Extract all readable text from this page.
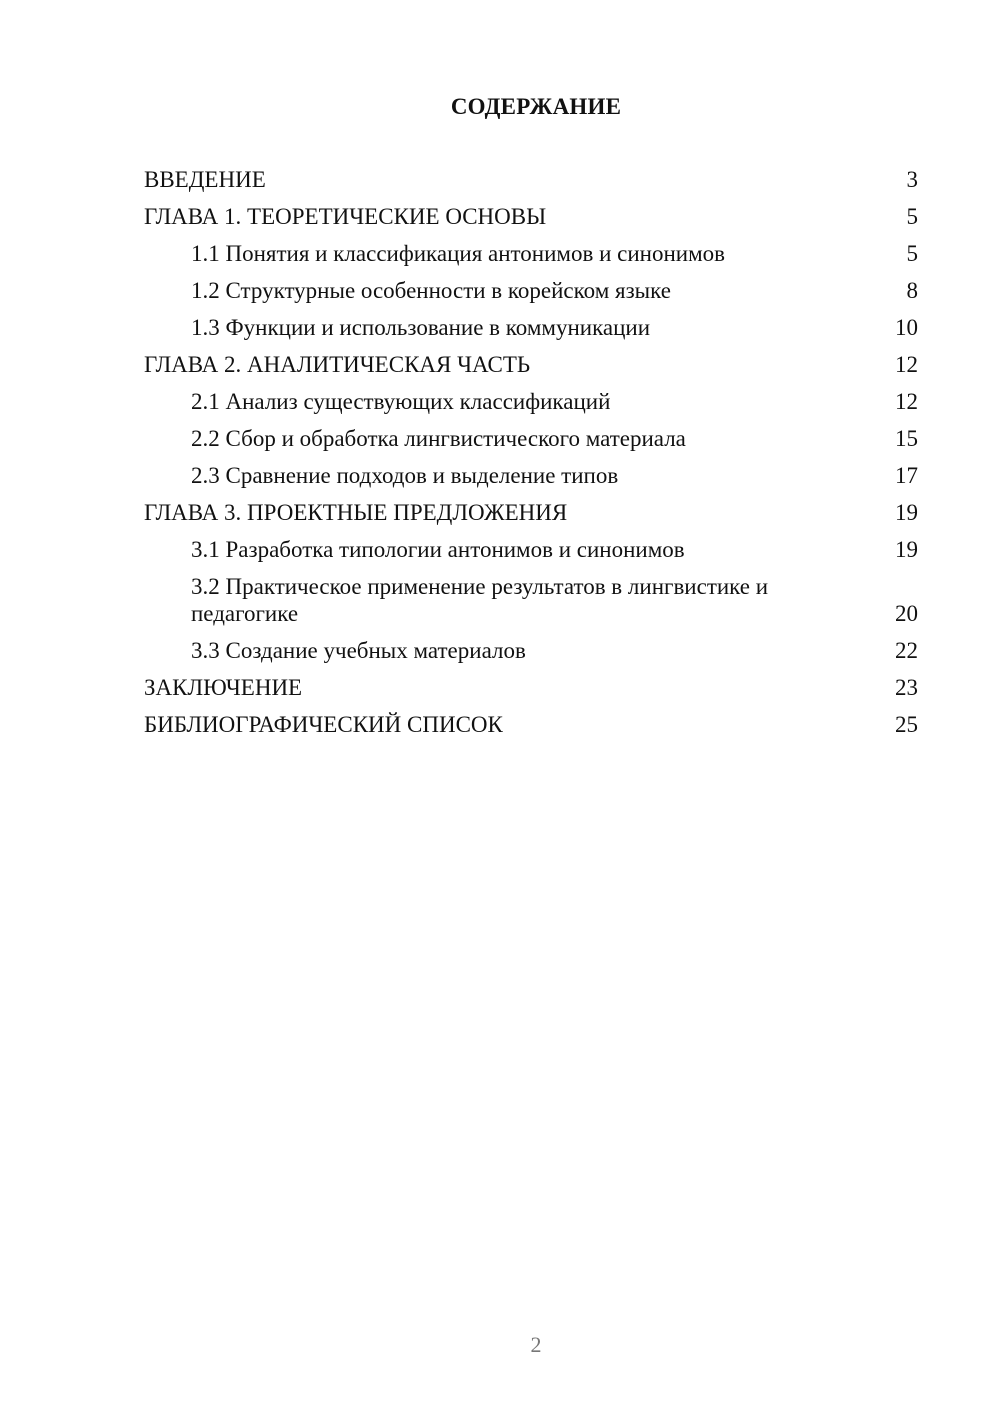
СОДЕРЖАНИЕ
ВВЕДЕНИЕ	3
ГЛАВА 1. ТЕОРЕТИЧЕСКИЕ ОСНОВЫ	5
1.1 Понятия и классификация антонимов и синонимов	5
1.2 Структурные особенности в корейском языке	8
1.3 Функции и использование в коммуникации	10
ГЛАВА 2. АНАЛИТИЧЕСКАЯ ЧАСТЬ	12
2.1 Анализ существующих классификаций	12
2.2 Сбор и обработка лингвистического материала	15
2.3 Сравнение подходов и выделение типов	17
ГЛАВА 3. ПРОЕКТНЫЕ ПРЕДЛОЖЕНИЯ	19
3.1 Разработка типологии антонимов и синонимов	19
3.2 Практическое применение результатов в лингвистике и педагогике	20
3.3 Создание учебных материалов	22
ЗАКЛЮЧЕНИЕ	23
БИБЛИОГРАФИЧЕСКИЙ СПИСОК	25
2
